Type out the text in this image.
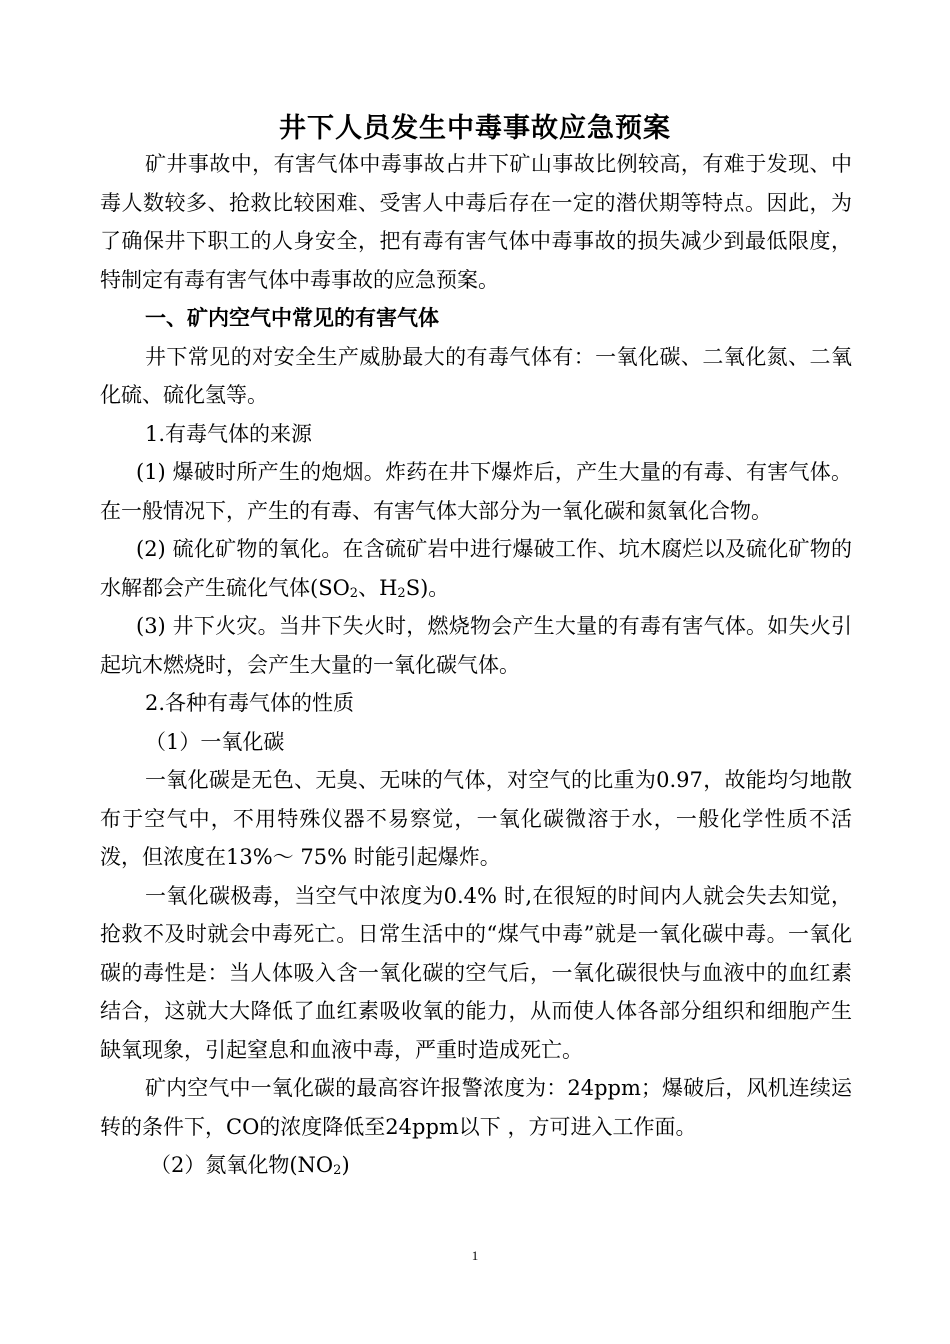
井下人员发生中毒事故应急预案

矿井事故中，有害气体中毒事故占井下矿山事故比例较高，有难于发现、中毒人数较多、抢救比较困难、受害人中毒后存在一定的潜伏期等特点。因此，为了确保井下职工的人身安全，把有毒有害气体中毒事故的损失减少到最低限度，特制定有毒有害气体中毒事故的应急预案。

一、矿内空气中常见的有害气体

井下常见的对安全生产威胁最大的有毒气体有：一氧化碳、二氧化氮、二氧化硫、硫化氢等。

1.有毒气体的来源

(1) 爆破时所产生的炮烟。炸药在井下爆炸后，产生大量的有毒、有害气体。在一般情况下，产生的有毒、有害气体大部分为一氧化碳和氮氧化合物。

(2) 硫化矿物的氧化。在含硫矿岩中进行爆破工作、坑木腐烂以及硫化矿物的水解都会产生硫化气体($SO_2$、$H_2S$)。

(3) 井下火灾。当井下失火时，燃烧物会产生大量的有毒有害气体。如失火引起坑木燃烧时，会产生大量的一氧化碳气体。

2.各种有毒气体的性质

（1）一氧化碳

一氧化碳是无色、无臭、无味的气体，对空气的比重为0.97，故能均匀地散布于空气中，不用特殊仪器不易察觉，一氧化碳微溶于水，一般化学性质不活泼，但浓度在13%～ 75% 时能引起爆炸。

一氧化碳极毒，当空气中浓度为0.4% 时,在很短的时间内人就会失去知觉，抢救不及时就会中毒死亡。日常生活中的“煤气中毒”就是一氧化碳中毒。一氧化碳的毒性是：当人体吸入含一氧化碳的空气后，一氧化碳很快与血液中的血红素结合，这就大大降低了血红素吸收氧的能力，从而使人体各部分组织和细胞产生缺氧现象，引起窒息和血液中毒，严重时造成死亡。

矿内空气中一氧化碳的最高容许报警浓度为：24ppm；爆破后，风机连续运转的条件下，CO的浓度降低至24ppm以下 ，方可进入工作面。

（2）氮氧化物$(NO_2)$

1
